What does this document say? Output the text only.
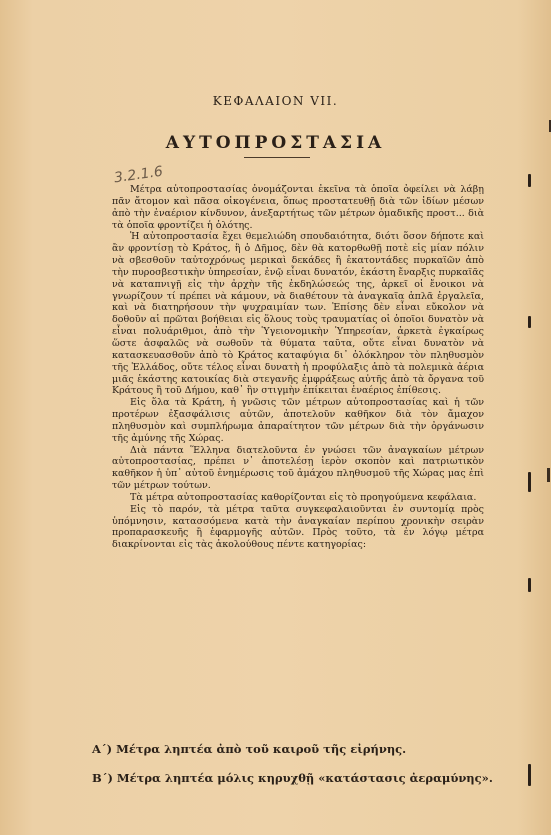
ΚΕΦΑΛΑΙΟΝ VII.
ΑΥΤΟΠΡΟΣΤΑΣΙΑ
3.2.1.6

Μέτρα αὐτοπροστασίας ὀνομάζονται ἐκεῖνα τὰ ὁποῖα ὀφείλει νὰ λάβῃ πᾶν ἄτομον καὶ πᾶσα οἰκογένεια, ὅπως προστατευθῇ διὰ τῶν ἰδίων μέσων ἀπὸ τὴν ἐναέριον κίνδυνον, ἀνεξαρτήτως τῶν μέτρων ὁμαδικῆς προστ... διὰ τὰ ὁποῖα φροντίζει ἡ ὁλότης.

Ἡ αὐτοπροστασία ἔχει θεμελιώδη σπουδαιότητα, διότι ὅσον δήποτε καὶ ἂν φροντίσῃ τὸ Κράτος, ἢ ὁ Δῆμος, δὲν θὰ κατορθωθῇ ποτὲ εἰς μίαν πόλιν νὰ σβεσθοῦν ταὐτοχρόνως μερικαὶ δεκάδες ἢ ἑκατοντάδες πυρκαϊῶν ἀπὸ τὴν πυροσβεστικὴν ὑπηρεσίαν, ἐνῷ εἶναι δυνατόν, ἑκάστη ἔναρξις πυρκαϊᾶς νὰ καταπνιγῇ εἰς τὴν ἀρχὴν τῆς ἐκδηλώσεώς της, ἀρκεῖ οἱ ἔνοικοι νὰ γνωρίζουν τί πρέπει νὰ κάμουν, νὰ διαθέτουν τὰ ἀναγκαῖα ἁπλᾶ ἐργαλεῖα, καὶ νὰ διατηρήσουν τὴν ψυχραιμίαν των. Ἐπίσης δὲν εἶναι εὔκολον νὰ δοθοῦν αἱ πρῶται βοήθειαι εἰς ὅλους τοὺς τραυματίας οἱ ὁποῖοι δυνατὸν νὰ εἶναι πολυάριθμοι, ἀπὸ τὴν Ὑγειονομικὴν Ὑπηρεσίαν, ἀρκετὰ ἐγκαίρως ὥστε ἀσφαλῶς νὰ σωθοῦν τὰ θύματα ταῦτα, οὔτε εἶναι δυνατὸν νὰ κατασκευασθοῦν ἀπὸ τὸ Κράτος καταφύγια δι᾽ ὁλόκληρον τὸν πληθυσμὸν τῆς Ἑλλάδος, οὔτε τέλος εἶναι δυνατὴ ἡ προφύλαξις ἀπὸ τὰ πολεμικὰ ἀέρια μιᾶς ἑκάστης κατοικίας διὰ στεγανῆς ἐμφράξεως αὐτῆς ἀπὸ τὰ ὄργανα τοῦ Κράτους ἢ τοῦ Δήμου, καθ᾽ ἣν στιγμὴν ἐπίκειται ἐναέριος ἐπίθεσις.

Εἰς ὅλα τὰ Κράτη, ἡ γνῶσις τῶν μέτρων αὐτοπροστασίας καὶ ἡ τῶν προτέρων ἐξασφάλισις αὐτῶν, ἀποτελοῦν καθῆκον διὰ τὸν ἄμαχον πληθυσμὸν καὶ συμπλήρωμα ἀπαραίτητον τῶν μέτρων διὰ τὴν ὀργάνωσιν τῆς ἀμύνης τῆς Χώρας.

Διὰ πάντα Ἕλληνα διατελοῦντα ἐν γνώσει τῶν ἀναγκαίων μέτρων αὐτοπροστασίας, πρέπει ν᾽ ἀποτελέσῃ ἱερὸν σκοπὸν καὶ πατριωτικὸν καθῆκον ἡ ὑπ᾽ αὐτοῦ ἐνημέρωσις τοῦ ἀμάχου πληθυσμοῦ τῆς Χώρας μας ἐπὶ τῶν μέτρων τούτων.

Τὰ μέτρα αὐτοπροστασίας καθορίζονται εἰς τὸ προηγούμενα κεφάλαια.

Εἰς τὸ παρόν, τὰ μέτρα ταῦτα συγκεφαλαιοῦνται ἐν συντομίᾳ πρὸς ὑπόμνησιν, κατασσόμενα κατὰ τὴν ἀναγκαίαν περίπου χρονικὴν σειρὰν προπαρασκευῆς ἢ ἐφαρμογῆς αὐτῶν. Πρὸς τοῦτο, τὰ ἐν λόγῳ μέτρα διακρίνονται εἰς τὰς ἀκολούθους πέντε κατηγορίας:

Α΄) Μέτρα ληπτέα ἀπὸ τοῦ καιροῦ τῆς εἰρήνης.
Β΄) Μέτρα ληπτέα μόλις κηρυχθῇ «κατάστασις ἀεραμύνης».
